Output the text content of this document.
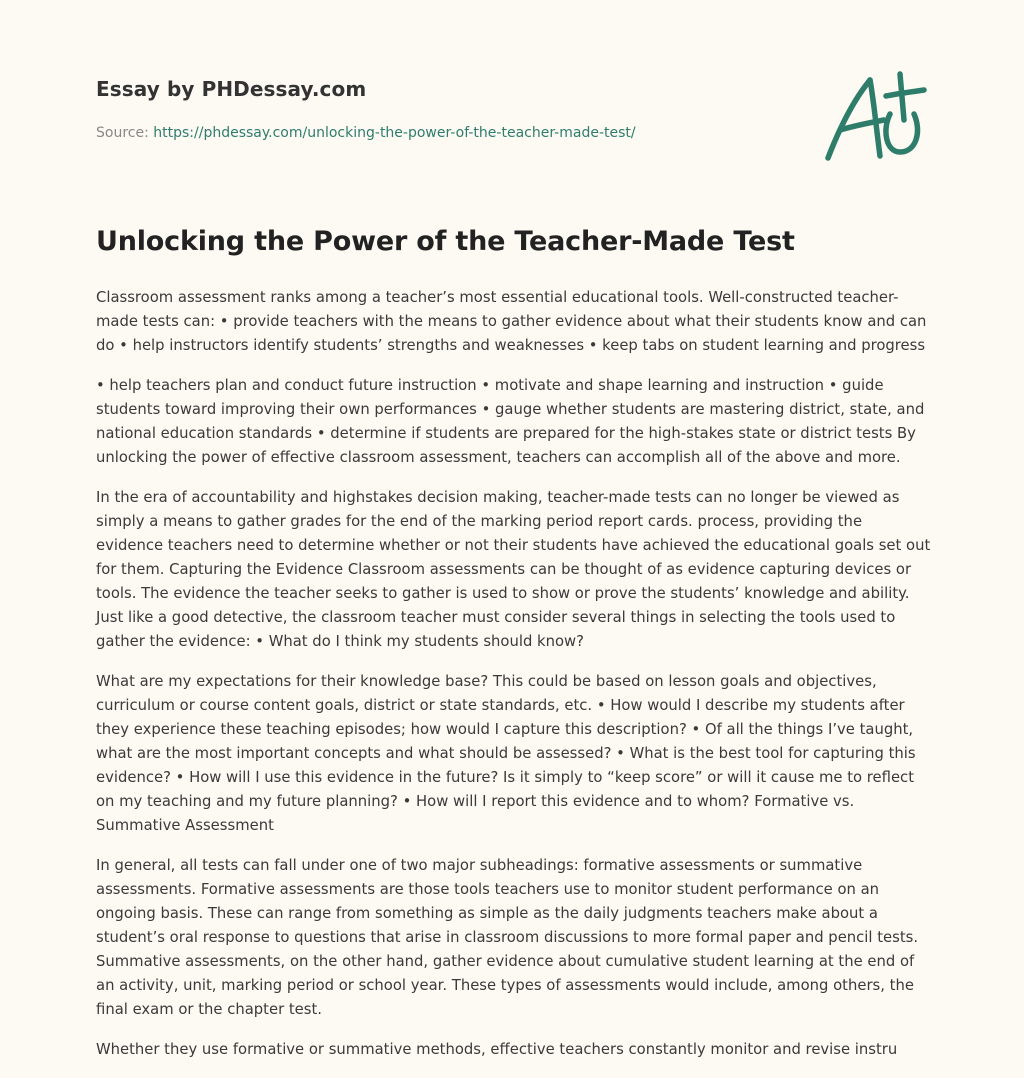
Essay by PHDessay.com
Source: https://phdessay.com/unlocking-the-power-of-the-teacher-made-test/
Unlocking the Power of the Teacher-Made Test

Classroom assessment ranks among a teacher’s most essential educational tools. Well-constructed teacher-made tests can: • provide teachers with the means to gather evidence about what their students know and can do • help instructors identify students’ strengths and weaknesses • keep tabs on student learning and progress

• help teachers plan and conduct future instruction • motivate and shape learning and instruction • guide students toward improving their own performances • gauge whether students are mastering district, state, and national education standards • determine if students are prepared for the high-stakes state or district tests By unlocking the power of effective classroom assessment, teachers can accomplish all of the above and more.

In the era of accountability and highstakes decision making, teacher-made tests can no longer be viewed as simply a means to gather grades for the end of the marking period report cards. process, providing the evidence teachers need to determine whether or not their students have achieved the educational goals set out for them. Capturing the Evidence Classroom assessments can be thought of as evidence capturing devices or tools. The evidence the teacher seeks to gather is used to show or prove the students’ knowledge and ability. Just like a good detective, the classroom teacher must consider several things in selecting the tools used to gather the evidence: • What do I think my students should know?

What are my expectations for their knowledge base? This could be based on lesson goals and objectives, curriculum or course content goals, district or state standards, etc. • How would I describe my students after they experience these teaching episodes; how would I capture this description? • Of all the things I’ve taught, what are the most important concepts and what should be assessed? • What is the best tool for capturing this evidence? • How will I use this evidence in the future? Is it simply to “keep score” or will it cause me to reflect on my teaching and my future planning? • How will I report this evidence and to whom? Formative vs. Summative Assessment

In general, all tests can fall under one of two major subheadings: formative assessments or summative assessments. Formative assessments are those tools teachers use to monitor student performance on an ongoing basis. These can range from something as simple as the daily judgments teachers make about a student’s oral response to questions that arise in classroom discussions to more formal paper and pencil tests. Summative assessments, on the other hand, gather evidence about cumulative student learning at the end of an activity, unit, marking period or school year. These types of assessments would include, among others, the final exam or the chapter test.

Whether they use formative or summative methods, effective teachers constantly monitor and revise instru
